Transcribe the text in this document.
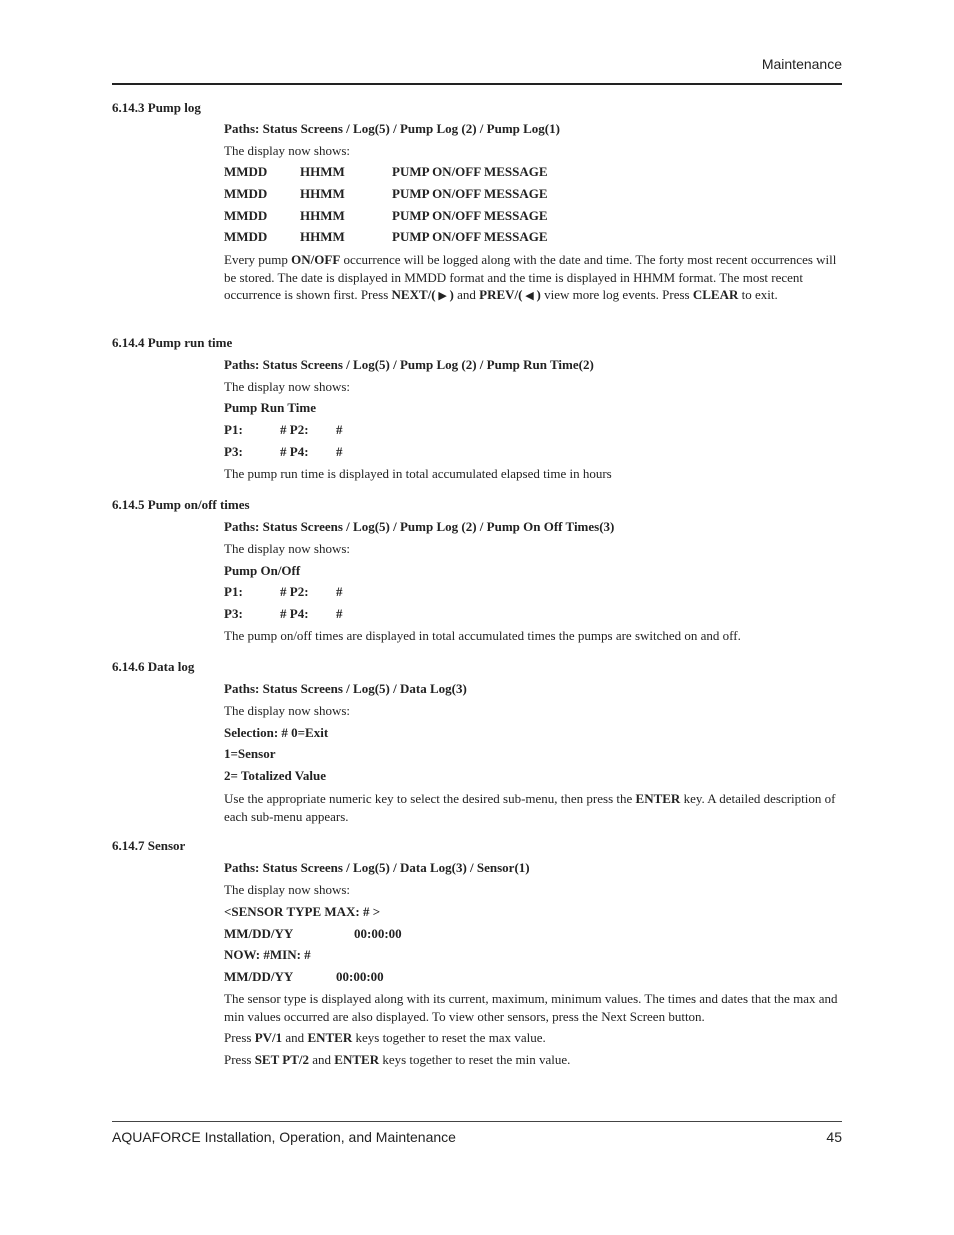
Maintenance
6.14.3 Pump log
Paths: Status Screens / Log(5) / Pump Log (2) / Pump Log(1)
The display now shows:
MMDD	HHMM	PUMP ON/OFF MESSAGE
MMDD	HHMM	PUMP ON/OFF MESSAGE
MMDD	HHMM	PUMP ON/OFF MESSAGE
MMDD	HHMM	PUMP ON/OFF MESSAGE
Every pump ON/OFF occurrence will be logged along with the date and time. The forty most recent occurrences will be stored. The date is displayed in MMDD format and the time is displayed in HHMM format. The most recent occurrence is shown first. Press NEXT/( ▶ ) and PREV/( ◀ ) view more log events. Press CLEAR to exit.
6.14.4 Pump run time
Paths: Status Screens / Log(5) / Pump Log (2) / Pump Run Time(2)
The display now shows:
Pump Run Time
P1:	# P2: #
P3:	# P4: #
The pump run time is displayed in total accumulated elapsed time in hours
6.14.5 Pump on/off times
Paths: Status Screens / Log(5) / Pump Log (2) / Pump On Off Times(3)
The display now shows:
Pump On/Off
P1:	# P2: #
P3:	# P4: #
The pump on/off times are displayed in total accumulated times the pumps are switched on and off.
6.14.6 Data log
Paths: Status Screens / Log(5) / Data Log(3)
The display now shows:
Selection: # 0=Exit
1=Sensor
2= Totalized Value
Use the appropriate numeric key to select the desired sub-menu, then press the ENTER key. A detailed description of each sub-menu appears.
6.14.7 Sensor
Paths: Status Screens / Log(5) / Data Log(3) / Sensor(1)
The display now shows:
<SENSOR TYPE MAX: # >
MM/DD/YY	00:00:00
NOW: #MIN: #
MM/DD/YY	00:00:00
The sensor type is displayed along with its current, maximum, minimum values. The times and dates that the max and min values occurred are also displayed. To view other sensors, press the Next Screen button.
Press PV/1 and ENTER keys together to reset the max value.
Press SET PT/2 and ENTER keys together to reset the min value.
AQUAFORCE Installation, Operation, and Maintenance	45
